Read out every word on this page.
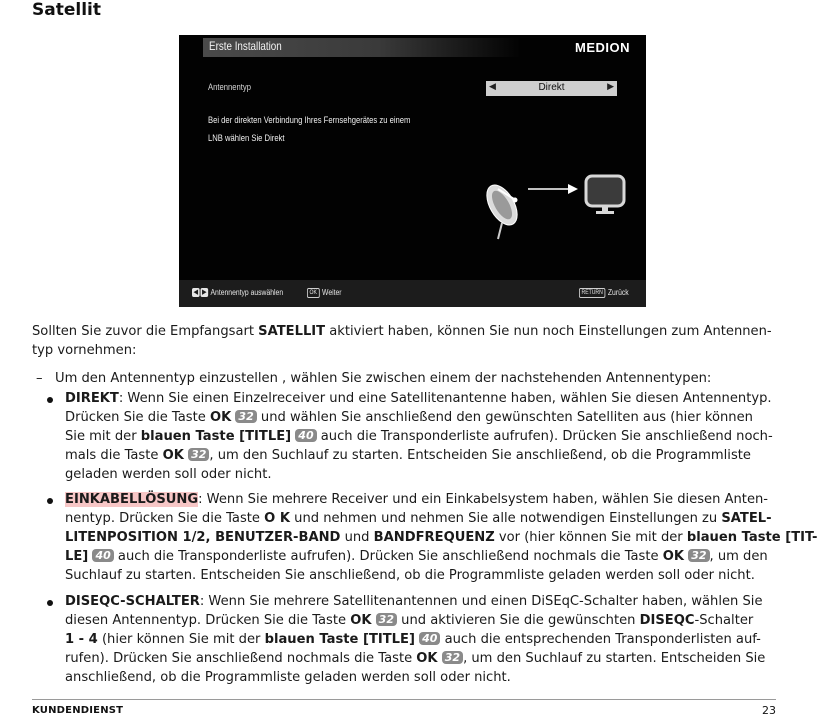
Satellit
Erste Installation	MEDION
Antennentyp	◀	Direkt	▶
Bei der direkten Verbindung Ihres Fernsehgerätes zu einem
LNB wählen Sie Direkt
◀ ▶ Antennentyp auswählen	OK Weiter	RETURN Zurück
Sollten Sie zuvor die Empfangsart SATELLIT aktiviert haben, können Sie nun noch Einstellungen zum Antennen-
typ vornehmen:
– Um den Antennentyp einzustellen , wählen Sie zwischen einem der nachstehenden Antennentypen:
DIREKT: Wenn Sie einen Einzelreceiver und eine Satellitenantenne haben, wählen Sie diesen Antennentyp.
Drücken Sie die Taste OK 32 und wählen Sie anschließend den gewünschten Satelliten aus (hier können
Sie mit der blauen Taste [TITLE] 40 auch die Transponderliste aufrufen). Drücken Sie anschließend noch-
mals die Taste OK 32 , um den Suchlauf zu starten. Entscheiden Sie anschließend, ob die Programmliste
geladen werden soll oder nicht.
EINKABELLÖSUNG: Wenn Sie mehrere Receiver und ein Einkabelsystem haben, wählen Sie diesen Anten-
nentyp. Drücken Sie die Taste O K und nehmen und nehmen Sie alle notwendigen Einstellungen zu SATEL-
LITENPOSITION 1/2, BENUTZER-BAND und BANDFREQUENZ vor (hier können Sie mit der blauen Taste [TIT-
LE] 40 auch die Transponderliste aufrufen). Drücken Sie anschließend nochmals die Taste OK 32 , um den
Suchlauf zu starten. Entscheiden Sie anschließend, ob die Programmliste geladen werden soll oder nicht.
DISEQC-SCHALTER: Wenn Sie mehrere Satellitenantennen und einen DiSEqC-Schalter haben, wählen Sie
diesen Antennentyp. Drücken Sie die Taste OK 32 und aktivieren Sie die gewünschten DISEQC-Schalter
1 - 4 (hier können Sie mit der blauen Taste [TITLE] 40 auch die entsprechenden Transponderlisten auf-
rufen). Drücken Sie anschließend nochmals die Taste OK 32 , um den Suchlauf zu starten. Entscheiden Sie
anschließend, ob die Programmliste geladen werden soll oder nicht.
KUNDENDIENST	23
